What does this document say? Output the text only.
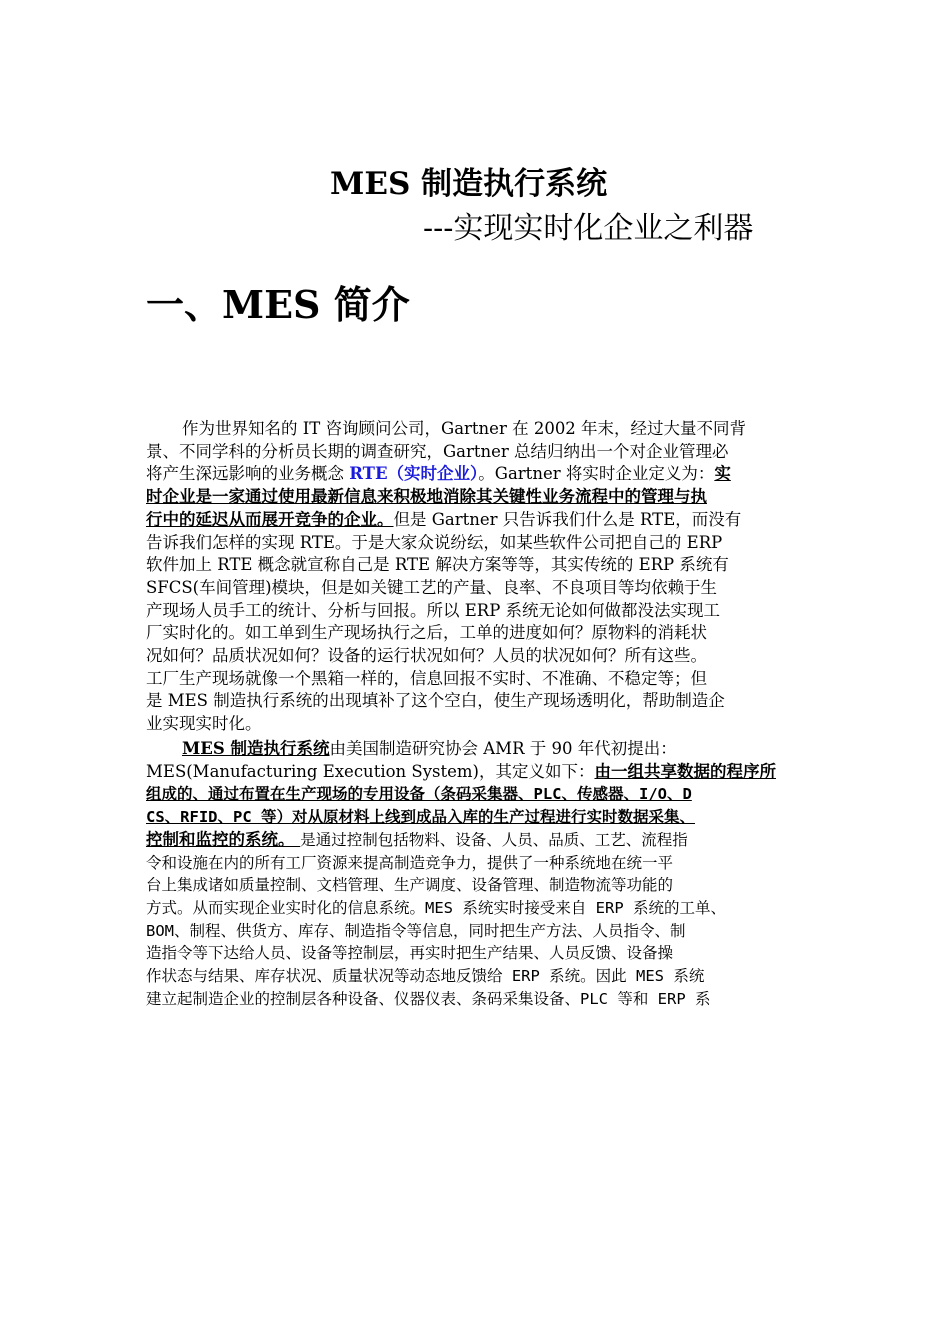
MES 制造执行系统
---实现实时化企业之利器
一、MES 简介
作为世界知名的 IT 咨询顾问公司，Gartner 在 2002 年末，经过大量不同背
景、不同学科的分析员长期的调查研究，Gartner 总结归纳出一个对企业管理必
将产生深远影响的业务概念 RTE（实时企业）。Gartner 将实时企业定义为：实
时企业是一家通过使用最新信息来积极地消除其关键性业务流程中的管理与执
行中的延迟从而展开竞争的企业。但是 Gartner 只告诉我们什么是 RTE，而没有
告诉我们怎样的实现 RTE。于是大家众说纷纭，如某些软件公司把自己的 ERP
软件加上 RTE 概念就宣称自己是 RTE 解决方案等等，其实传统的 ERP 系统有
SFCS(车间管理)模块，但是如关键工艺的产量、良率、不良项目等均依赖于生
产现场人员手工的统计、分析与回报。所以 ERP 系统无论如何做都没法实现工
厂实时化的。如工单到生产现场执行之后，工单的进度如何？原物料的消耗状
况如何？品质状况如何？设备的运行状况如何？人员的状况如何？所有这些。
工厂生产现场就像一个黑箱一样的，信息回报不实时、不准确、不稳定等；但
是 MES 制造执行系统的出现填补了这个空白，使生产现场透明化，帮助制造企
业实现实时化。
MES 制造执行系统由美国制造研究协会 AMR 于 90 年代初提出：
MES(Manufacturing Execution System)，其定义如下：由一组共享数据的程序所
组成的、通过布置在生产现场的专用设备（条码采集器、PLC、传感器、I/O、D
CS、RFID、PC 等）对从原材料上线到成品入库的生产过程进行实时数据采集、
控制和监控的系统。 是通过控制包括物料、设备、人员、品质、工艺、流程指
令和设施在内的所有工厂资源来提高制造竞争力，提供了一种系统地在统一平
台上集成诸如质量控制、文档管理、生产调度、设备管理、制造物流等功能的
方式。从而实现企业实时化的信息系统。MES 系统实时接受来自 ERP 系统的工单、
BOM、制程、供货方、库存、制造指令等信息，同时把生产方法、人员指令、制
造指令等下达给人员、设备等控制层，再实时把生产结果、人员反馈、设备操
作状态与结果、库存状况、质量状况等动态地反馈给 ERP 系统。因此 MES 系统
建立起制造企业的控制层各种设备、仪器仪表、条码采集设备、PLC 等和 ERP 系
